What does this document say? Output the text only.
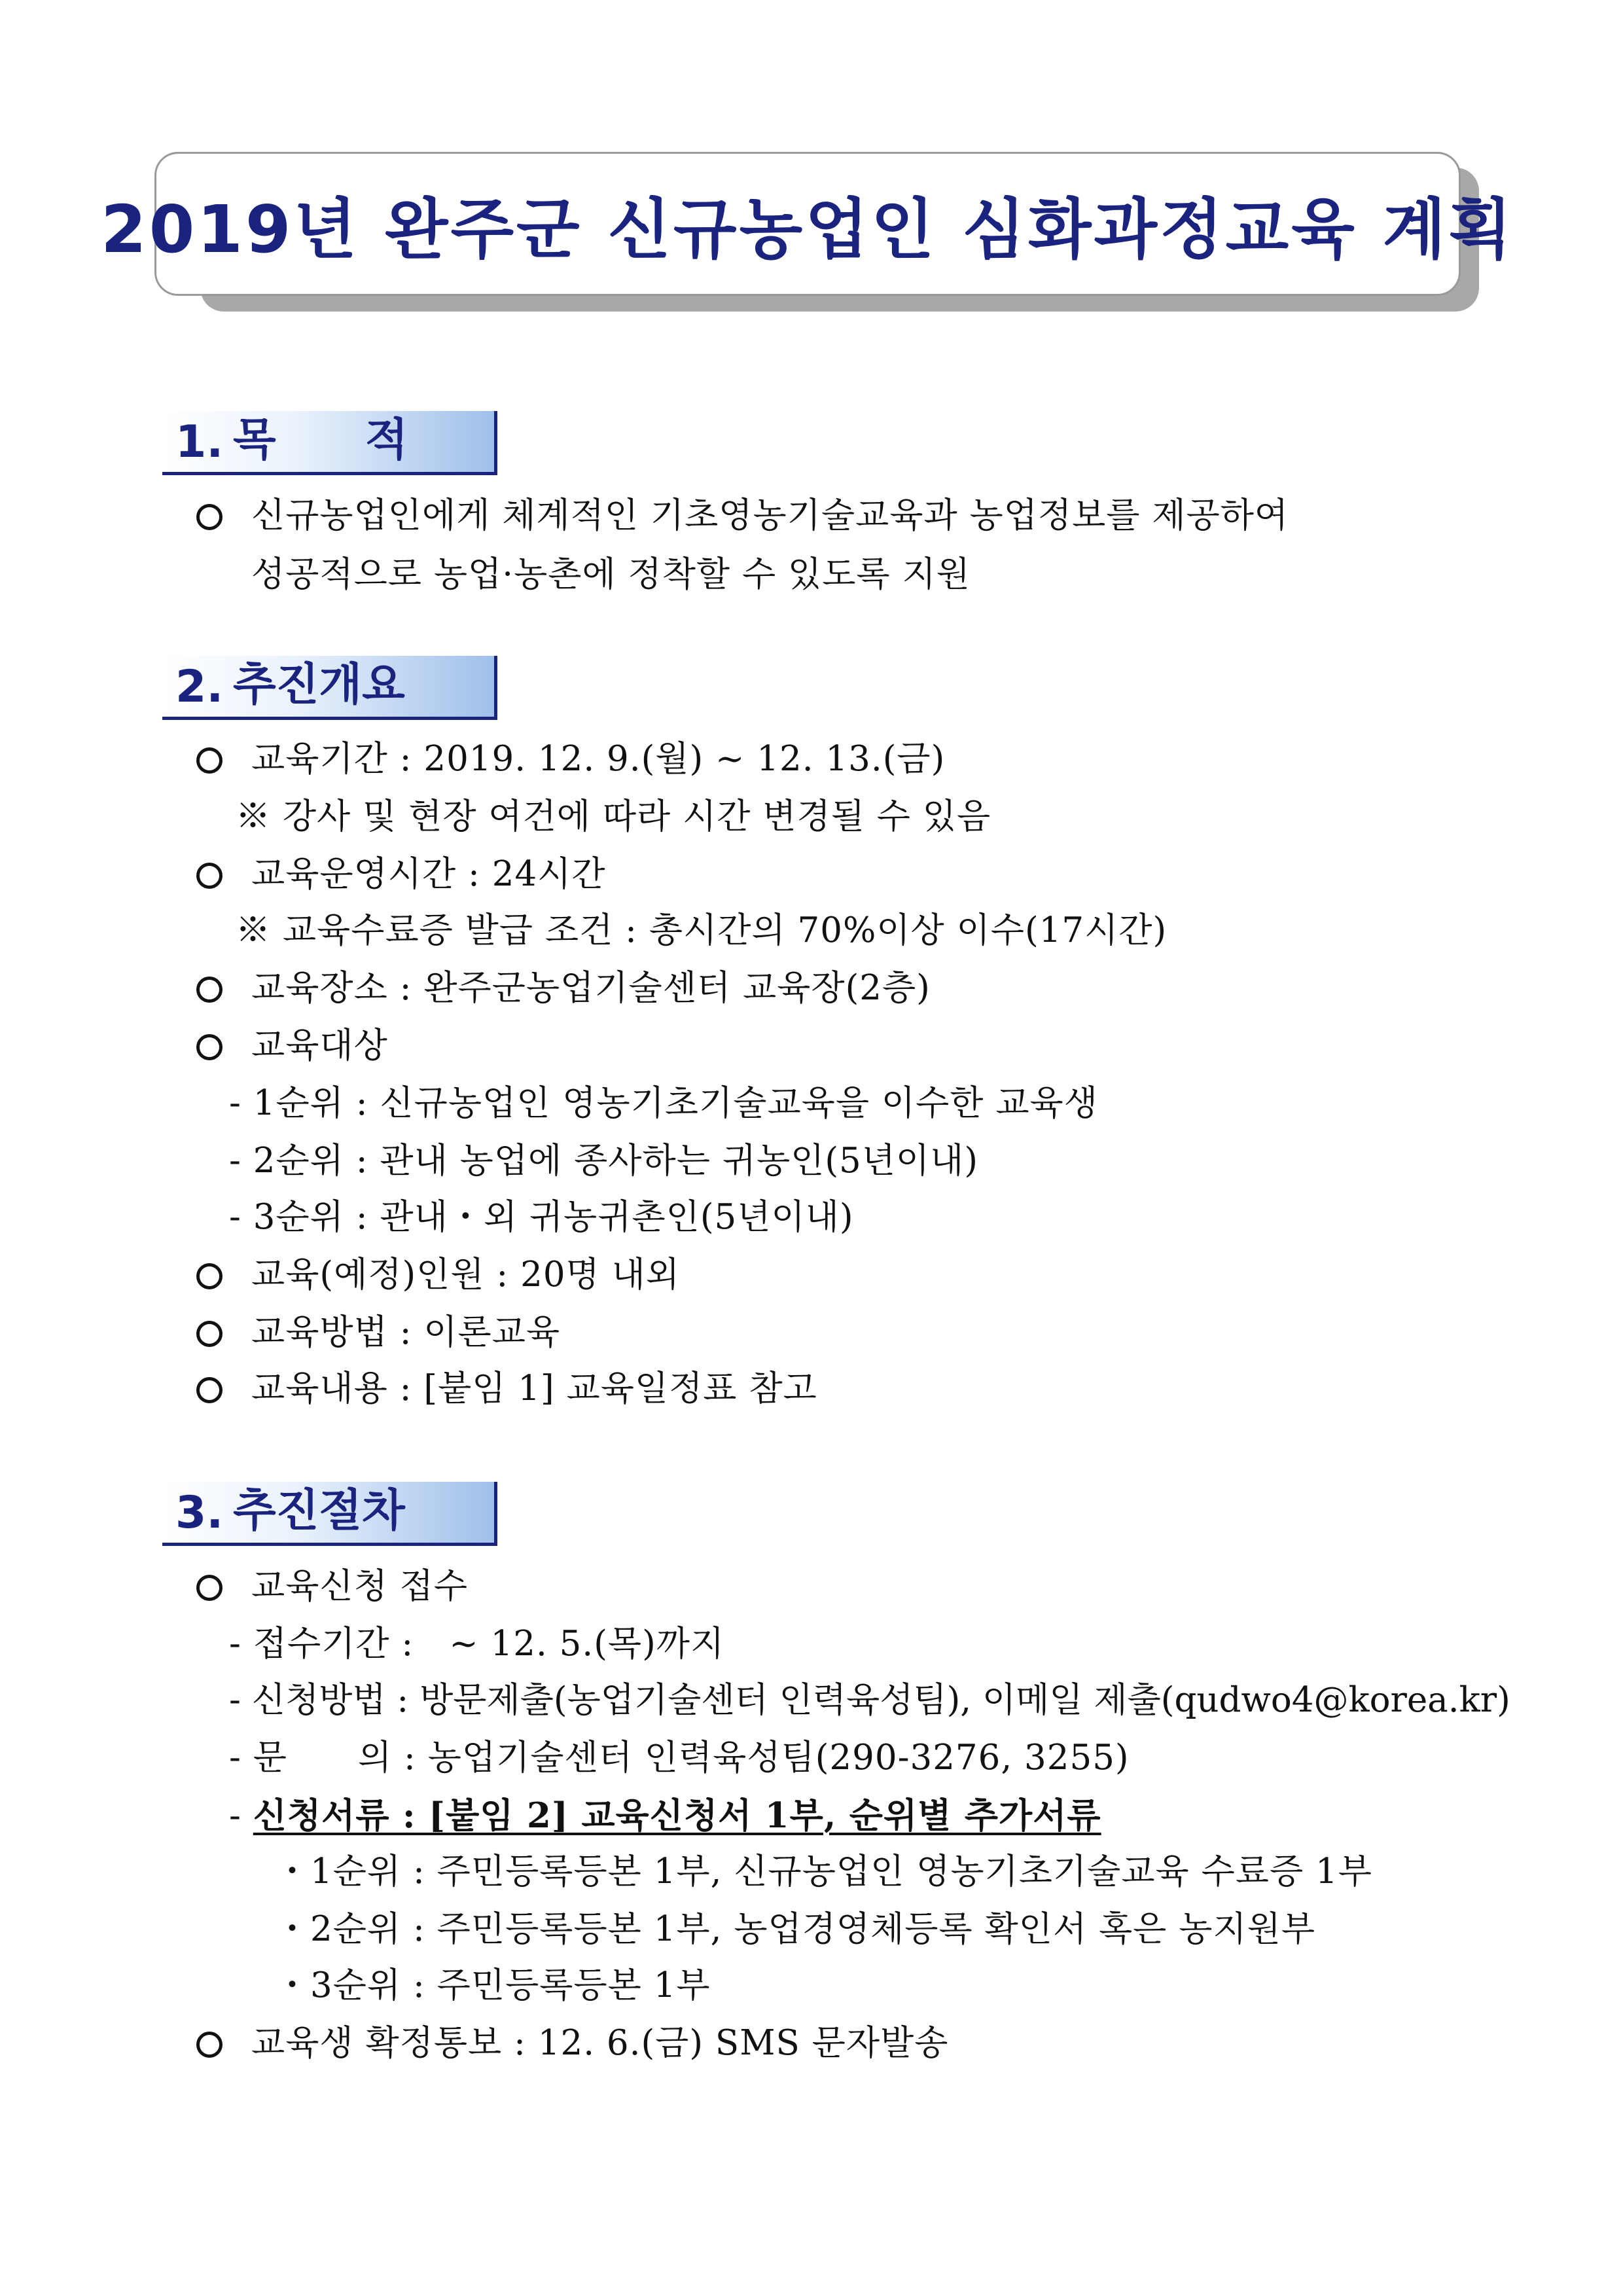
2019년 완주군 신규농업인 심화과정교육 계획
1. 목　　적
신규농업인에게 체계적인 기초영농기술교육과 농업정보를 제공하여
성공적으로 농업·농촌에 정착할 수 있도록 지원
2. 추진개요
교육기간 : 2019. 12. 9.(월) ~ 12. 13.(금)
※ 강사 및 현장 여건에 따라 시간 변경될 수 있음
교육운영시간 : 24시간
※ 교육수료증 발급 조건 : 총시간의 70%이상 이수(17시간)
교육장소 : 완주군농업기술센터 교육장(2층)
교육대상
- 1순위 : 신규농업인 영농기초기술교육을 이수한 교육생
- 2순위 : 관내 농업에 종사하는 귀농인(5년이내)
- 3순위 : 관내・외 귀농귀촌인(5년이내)
교육(예정)인원 : 20명 내외
교육방법 : 이론교육
교육내용 : [붙임 1] 교육일정표 참고
3. 추진절차
교육신청 접수
- 접수기간 :　~ 12. 5.(목)까지
- 신청방법 : 방문제출(농업기술센터 인력육성팀), 이메일 제출(qudwo4@korea.kr)
- 문　　의 : 농업기술센터 인력육성팀(290-3276, 3255)
- 신청서류 : [붙임 2] 교육신청서 1부, 순위별 추가서류
・1순위 : 주민등록등본 1부, 신규농업인 영농기초기술교육 수료증 1부
・2순위 : 주민등록등본 1부, 농업경영체등록 확인서 혹은 농지원부
・3순위 : 주민등록등본 1부
교육생 확정통보 : 12. 6.(금) SMS 문자발송
